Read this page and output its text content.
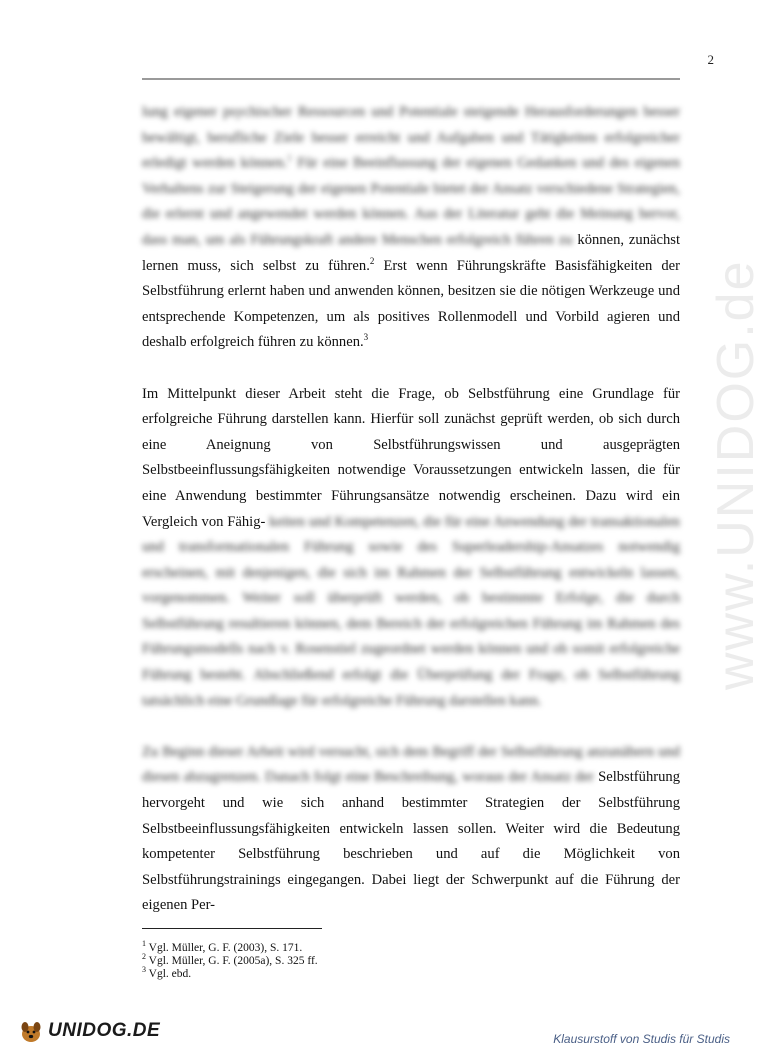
2
www.UNIDOG.de

lung eigener psychischer Ressourcen und Potentiale steigende Herausforderungen besser bewältigt, berufliche Ziele besser erreicht und Aufgaben und Tätigkeiten erfolgreicher erledigt werden können.$^1$ Für eine Beeinflussung der eigenen Gedanken und des eigenen Verhaltens zur Steigerung der eigenen Potentiale bietet der Ansatz verschiedene Strategien, die erlernt und angewendet werden können. Aus der Literatur geht die Meinung hervor, dass man, um als Führungskraft andere Menschen erfolgreich führen zu können, zunächst lernen muss, sich selbst zu führen.$^2$ Erst wenn Führungskräfte Basisfähigkeiten der Selbstführung erlernt haben und anwenden können, besitzen sie die nötigen Werkzeuge und entsprechende Kompetenzen, um als positives Rollenmodell und Vorbild agieren und deshalb erfolgreich führen zu können.$^3$

Im Mittelpunkt dieser Arbeit steht die Frage, ob Selbstführung eine Grundlage für erfolgreiche Führung darstellen kann. Hierfür soll zunächst geprüft werden, ob sich durch eine Aneignung von Selbstführungswissen und ausgeprägten Selbstbeeinflussungsfähigkeiten notwendige Voraussetzungen entwickeln lassen, die für eine Anwendung bestimmter Führungsansätze notwendig erscheinen. Dazu wird ein Vergleich von Fähig- keiten und Kompetenzen, die für eine Anwendung der transaktionalen und transformationalen Führung sowie des Superleadership-Ansatzes notwendig erscheinen, mit denjenigen, die sich im Rahmen der Selbstführung entwickeln lassen, vorgenommen. Weiter soll überprüft werden, ob bestimmte Erfolge, die durch Selbstführung resultieren können, dem Bereich der erfolgreichen Führung im Rahmen des Führungsmodells nach v. Rosenstiel zugeordnet werden können und ob somit erfolgreiche Führung besteht. Abschließend erfolgt die Überprüfung der Frage, ob Selbstführung tatsächlich eine Grundlage für erfolgreiche Führung darstellen kann.

Zu Beginn dieser Arbeit wird versucht, sich dem Begriff der Selbstführung anzunähern und diesen abzugrenzen. Danach folgt eine Beschreibung, woraus der Ansatz der Selbstführung hervorgeht und wie sich anhand bestimmter Strategien der Selbstführung Selbstbeeinflussungsfähigkeiten entwickeln lassen sollen. Weiter wird die Bedeutung kompetenter Selbstführung beschrieben und auf die Möglichkeit von Selbstführungstrainings eingegangen. Dabei liegt der Schwerpunkt auf die Führung der eigenen Per-

$^1$ Vgl. Müller, G. F. (2003), S. 171.
$^2$ Vgl. Müller, G. F. (2005a), S. 325 ff.
$^3$ Vgl. ebd.
UNIDOG.DE	Klausurstoff von Studis für Studis
